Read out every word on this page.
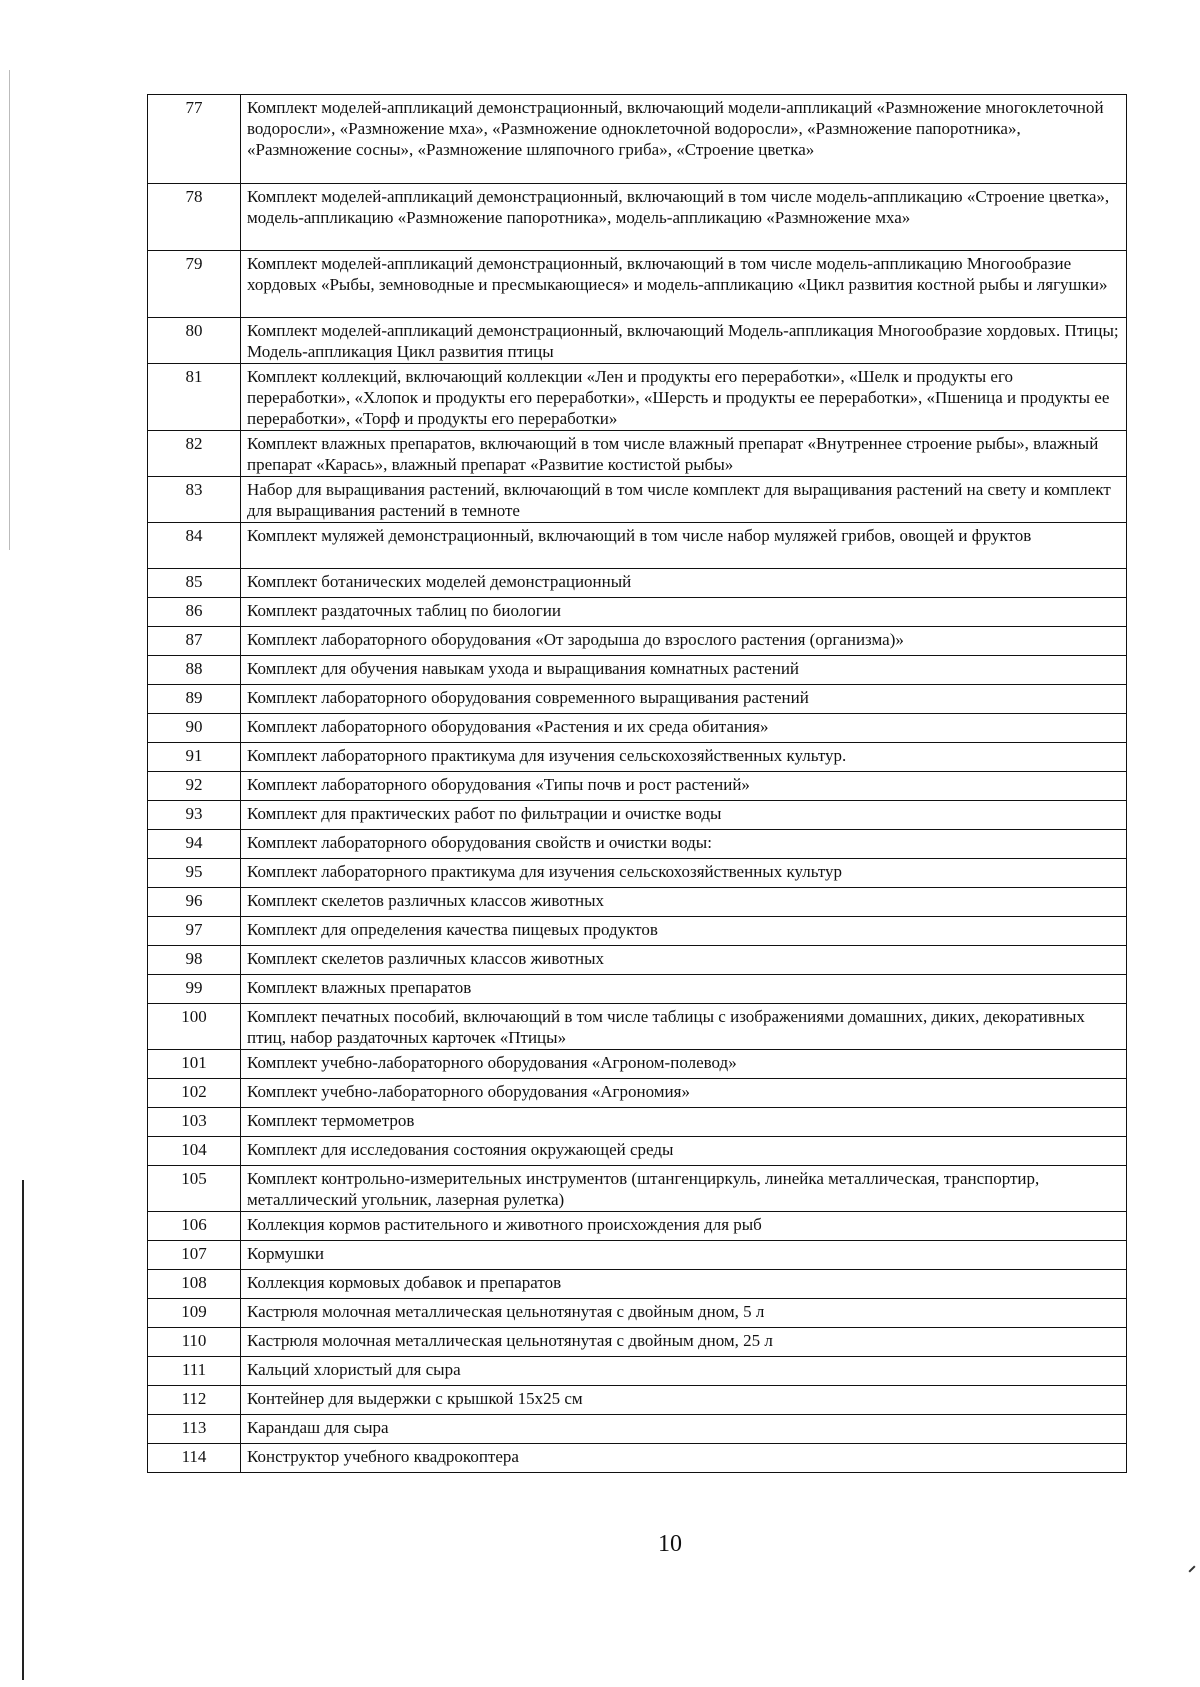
77	Комплект моделей-аппликаций демонстрационный, включающий модели-аппликаций «Размножение многоклеточной водоросли», «Размножение мха», «Размножение одноклеточной водоросли», «Размножение папоротника», «Размножение сосны», «Размножение шляпочного гриба», «Строение цветка»
78	Комплект моделей-аппликаций демонстрационный, включающий в том числе модель-аппликацию «Строение цветка», модель-аппликацию «Размножение папоротника», модель-аппликацию «Размножение мха»
79	Комплект моделей-аппликаций демонстрационный, включающий в том числе модель-аппликацию Многообразие хордовых «Рыбы, земноводные и пресмыкающиеся» и модель-аппликацию «Цикл развития костной рыбы и лягушки»
80	Комплект моделей-аппликаций демонстрационный, включающий Модель-аппликация Многообразие хордовых. Птицы; Модель-аппликация Цикл развития птицы
81	Комплект коллекций, включающий коллекции «Лен и продукты его переработки», «Шелк и продукты его переработки», «Хлопок и продукты его переработки», «Шерсть и продукты ее переработки», «Пшеница и продукты ее переработки», «Торф и продукты его переработки»
82	Комплект влажных препаратов, включающий в том числе влажный препарат «Внутреннее строение рыбы», влажный препарат «Карась», влажный препарат «Развитие костистой рыбы»
83	Набор для выращивания растений, включающий в том числе комплект для выращивания растений на свету и комплект для выращивания растений в темноте
84	Комплект муляжей демонстрационный, включающий в том числе набор муляжей грибов, овощей и фруктов
85	Комплект ботанических моделей демонстрационный
86	Комплект раздаточных таблиц по биологии
87	Комплект лабораторного оборудования «От зародыша до взрослого растения (организма)»
88	Комплект для обучения навыкам ухода и выращивания комнатных растений
89	Комплект лабораторного оборудования современного выращивания растений
90	Комплект лабораторного оборудования «Растения и их среда обитания»
91	Комплект лабораторного практикума для изучения сельскохозяйственных культур.
92	Комплект лабораторного оборудования «Типы почв и рост растений»
93	Комплект для практических работ по фильтрации и очистке воды
94	Комплект лабораторного оборудования свойств и очистки воды:
95	Комплект лабораторного практикума для изучения сельскохозяйственных культур
96	Комплект скелетов различных классов животных
97	Комплект для определения качества пищевых продуктов
98	Комплект скелетов различных классов животных
99	Комплект влажных препаратов
100	Комплект печатных пособий, включающий в том числе таблицы с изображениями домашних, диких, декоративных птиц, набор раздаточных карточек «Птицы»
101	Комплект учебно-лабораторного оборудования «Агроном-полевод»
102	Комплект учебно-лабораторного оборудования «Агрономия»
103	Комплект термометров
104	Комплект для исследования состояния окружающей среды
105	Комплект контрольно-измерительных инструментов (штангенциркуль, линейка металлическая, транспортир, металлический угольник, лазерная рулетка)
106	Коллекция кормов растительного и животного происхождения для рыб
107	Кормушки
108	Коллекция кормовых добавок и препаратов
109	Кастрюля молочная металлическая цельнотянутая с двойным дном, 5 л
110	Кастрюля молочная металлическая цельнотянутая с двойным дном, 25 л
111	Кальций хлористый для сыра
112	Контейнер для выдержки с крышкой 15х25 см
113	Карандаш для сыра
114	Конструктор учебного квадрокоптера
10
